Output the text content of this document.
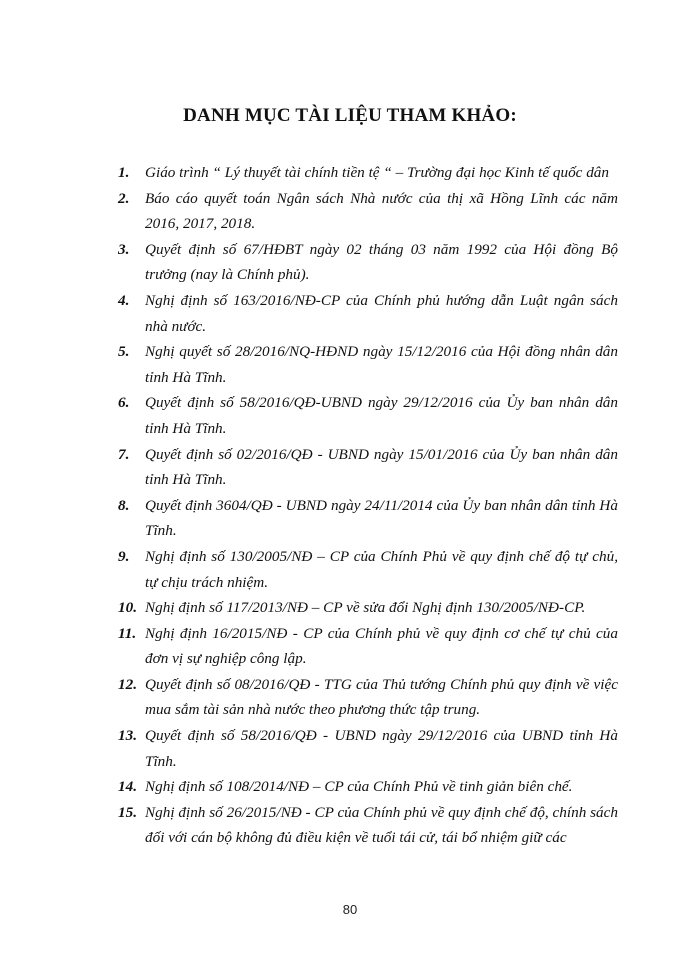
DANH MỤC TÀI LIỆU THAM KHẢO:
1.	Giáo trình “ Lý thuyết tài chính tiền tệ “ – Trường đại học Kinh tế quốc dân
2.	Báo cáo quyết toán Ngân sách Nhà nước của thị xã Hồng Lĩnh các năm 2016, 2017, 2018.
3.	Quyết định số 67/HĐBT ngày 02 tháng 03 năm 1992 của Hội đồng Bộ trưởng (nay là Chính phủ).
4.	Nghị định số 163/2016/NĐ-CP của Chính phủ hướng dẫn Luật ngân sách nhà nước.
5.	Nghị quyết số 28/2016/NQ-HĐND ngày 15/12/2016 của Hội đồng nhân dân tỉnh Hà Tĩnh.
6.	Quyết định số 58/2016/QĐ-UBND ngày 29/12/2016 của Ủy ban nhân dân tỉnh Hà Tĩnh.
7.	Quyết định số 02/2016/QĐ - UBND ngày 15/01/2016 của Ủy ban nhân dân tỉnh Hà Tĩnh.
8.	Quyết định 3604/QĐ - UBND ngày 24/11/2014 của Ủy ban nhân dân tỉnh Hà Tĩnh.
9.	Nghị định số 130/2005/NĐ – CP của Chính Phủ về quy định chế độ tự chủ, tự chịu trách nhiệm.
10. Nghị định số 117/2013/NĐ – CP về sửa đổi Nghị định 130/2005/NĐ-CP.
11. Nghị định 16/2015/NĐ - CP của Chính phủ về quy định cơ chế tự chủ của đơn vị sự nghiệp công lập.
12. Quyết định số 08/2016/QĐ - TTG của Thủ tướng Chính phủ quy định về việc mua sắm tài sản nhà nước theo phương thức tập trung.
13. Quyết định số 58/2016/QĐ - UBND ngày 29/12/2016 của UBND tỉnh Hà Tĩnh.
14. Nghị định số 108/2014/NĐ – CP của Chính Phủ về tinh giản biên chế.
15. Nghị định số 26/2015/NĐ - CP của Chính phủ về quy định chế độ, chính sách đối với cán bộ không đủ điều kiện về tuổi tái cử, tái bổ nhiệm giữ các
80
